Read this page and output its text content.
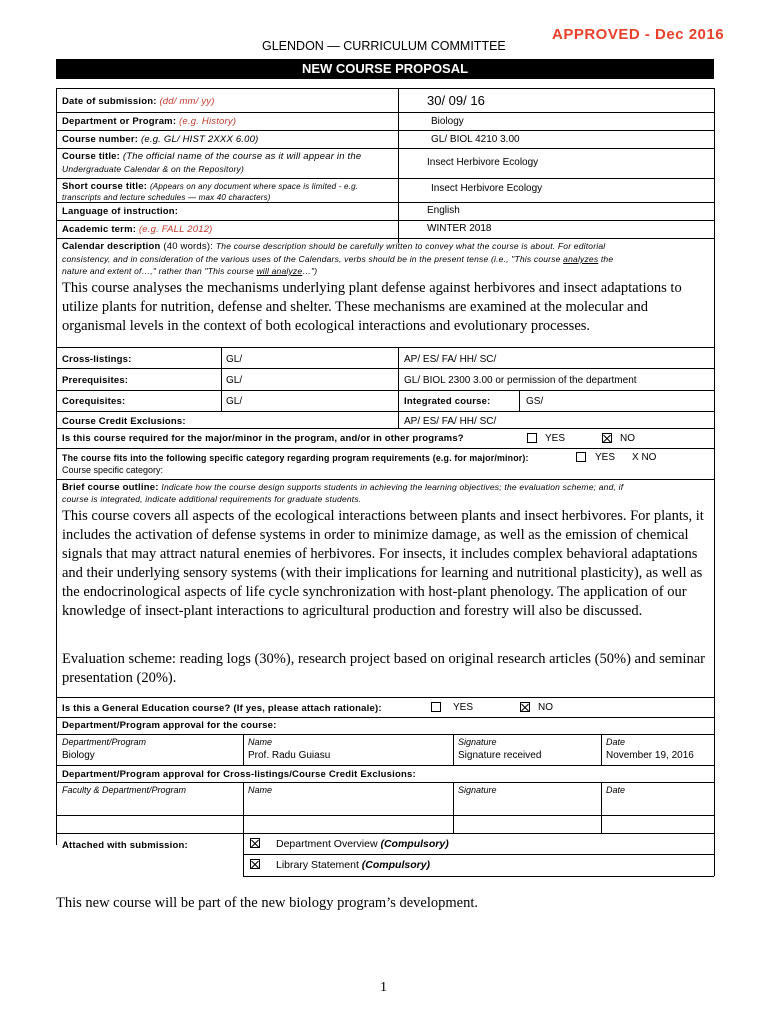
APPROVED - Dec 2016
GLENDON — CURRICULUM COMMITTEE
NEW COURSE PROPOSAL
Date of submission: (dd/ mm/ yy)	30/ 09/ 16
Department or Program: (e.g. History)	Biology
Course number: (e.g. GL/ HIST 2XXX 6.00)	GL/ BIOL 4210 3.00
Course title: (The official name of the course as it will appear in the
Undergraduate Calendar & on the Repository)
Insect Herbivore Ecology
Short course title: (Appears on any document where space is limited - e.g.
transcripts and lecture schedules — max 40 characters)
Insect Herbivore Ecology
Language of instruction:	English
Academic term: (e.g. FALL 2012)	WINTER 2018
Calendar description (40 words): The course description should be carefully written to convey what the course is about. For editorial
consistency, and in consideration of the various uses of the Calendars, verbs should be in the present tense (i.e., "This course analyzes the
nature and extent of…," rather than "This course will analyze…")
This course analyses the mechanisms underlying plant defense against herbivores and insect adaptations to utilize plants for nutrition, defense and shelter. These mechanisms are examined at the molecular and organismal levels in the context of both ecological interactions and evolutionary processes.
Cross-listings:	GL/	AP/ ES/ FA/ HH/ SC/
Prerequisites:	GL/	GL/ BIOL 2300 3.00 or permission of the department
Corequisites:	GL/	Integrated course:	GS/
Course Credit Exclusions:	AP/ ES/ FA/ HH/ SC/
Is this course required for the major/minor in the program, and/or in other programs?	YES	NO
The course fits into the following specific category regarding program requirements (e.g. for major/minor):	YES X NO
Course specific category:
Brief course outline: Indicate how the course design supports students in achieving the learning objectives; the evaluation scheme; and, if
course is integrated, indicate additional requirements for graduate students.
This course covers all aspects of the ecological interactions between plants and insect herbivores. For plants, it includes the activation of defense systems in order to minimize damage, as well as the emission of chemical signals that may attract natural enemies of herbivores. For insects, it includes complex behavioral adaptations and their underlying sensory systems (with their implications for learning and nutritional plasticity), as well as the endocrinological aspects of life cycle synchronization with host-plant phenology. The application of our knowledge of insect-plant interactions to agricultural production and forestry will also be discussed.
Evaluation scheme: reading logs (30%), research project based on original research articles (50%) and seminar presentation (20%).
Is this a General Education course? (If yes, please attach rationale):	YES	NO
Department/Program approval for the course:
Department/Program	Name	Signature	Date
Biology	Prof. Radu Guiasu	Signature received	November 19, 2016
Department/Program approval for Cross-listings/Course Credit Exclusions:
Faculty & Department/Program	Name	Signature	Date
Attached with submission:	Department Overview (Compulsory)
Library Statement (Compulsory)
This new course will be part of the new biology program’s development.
1
